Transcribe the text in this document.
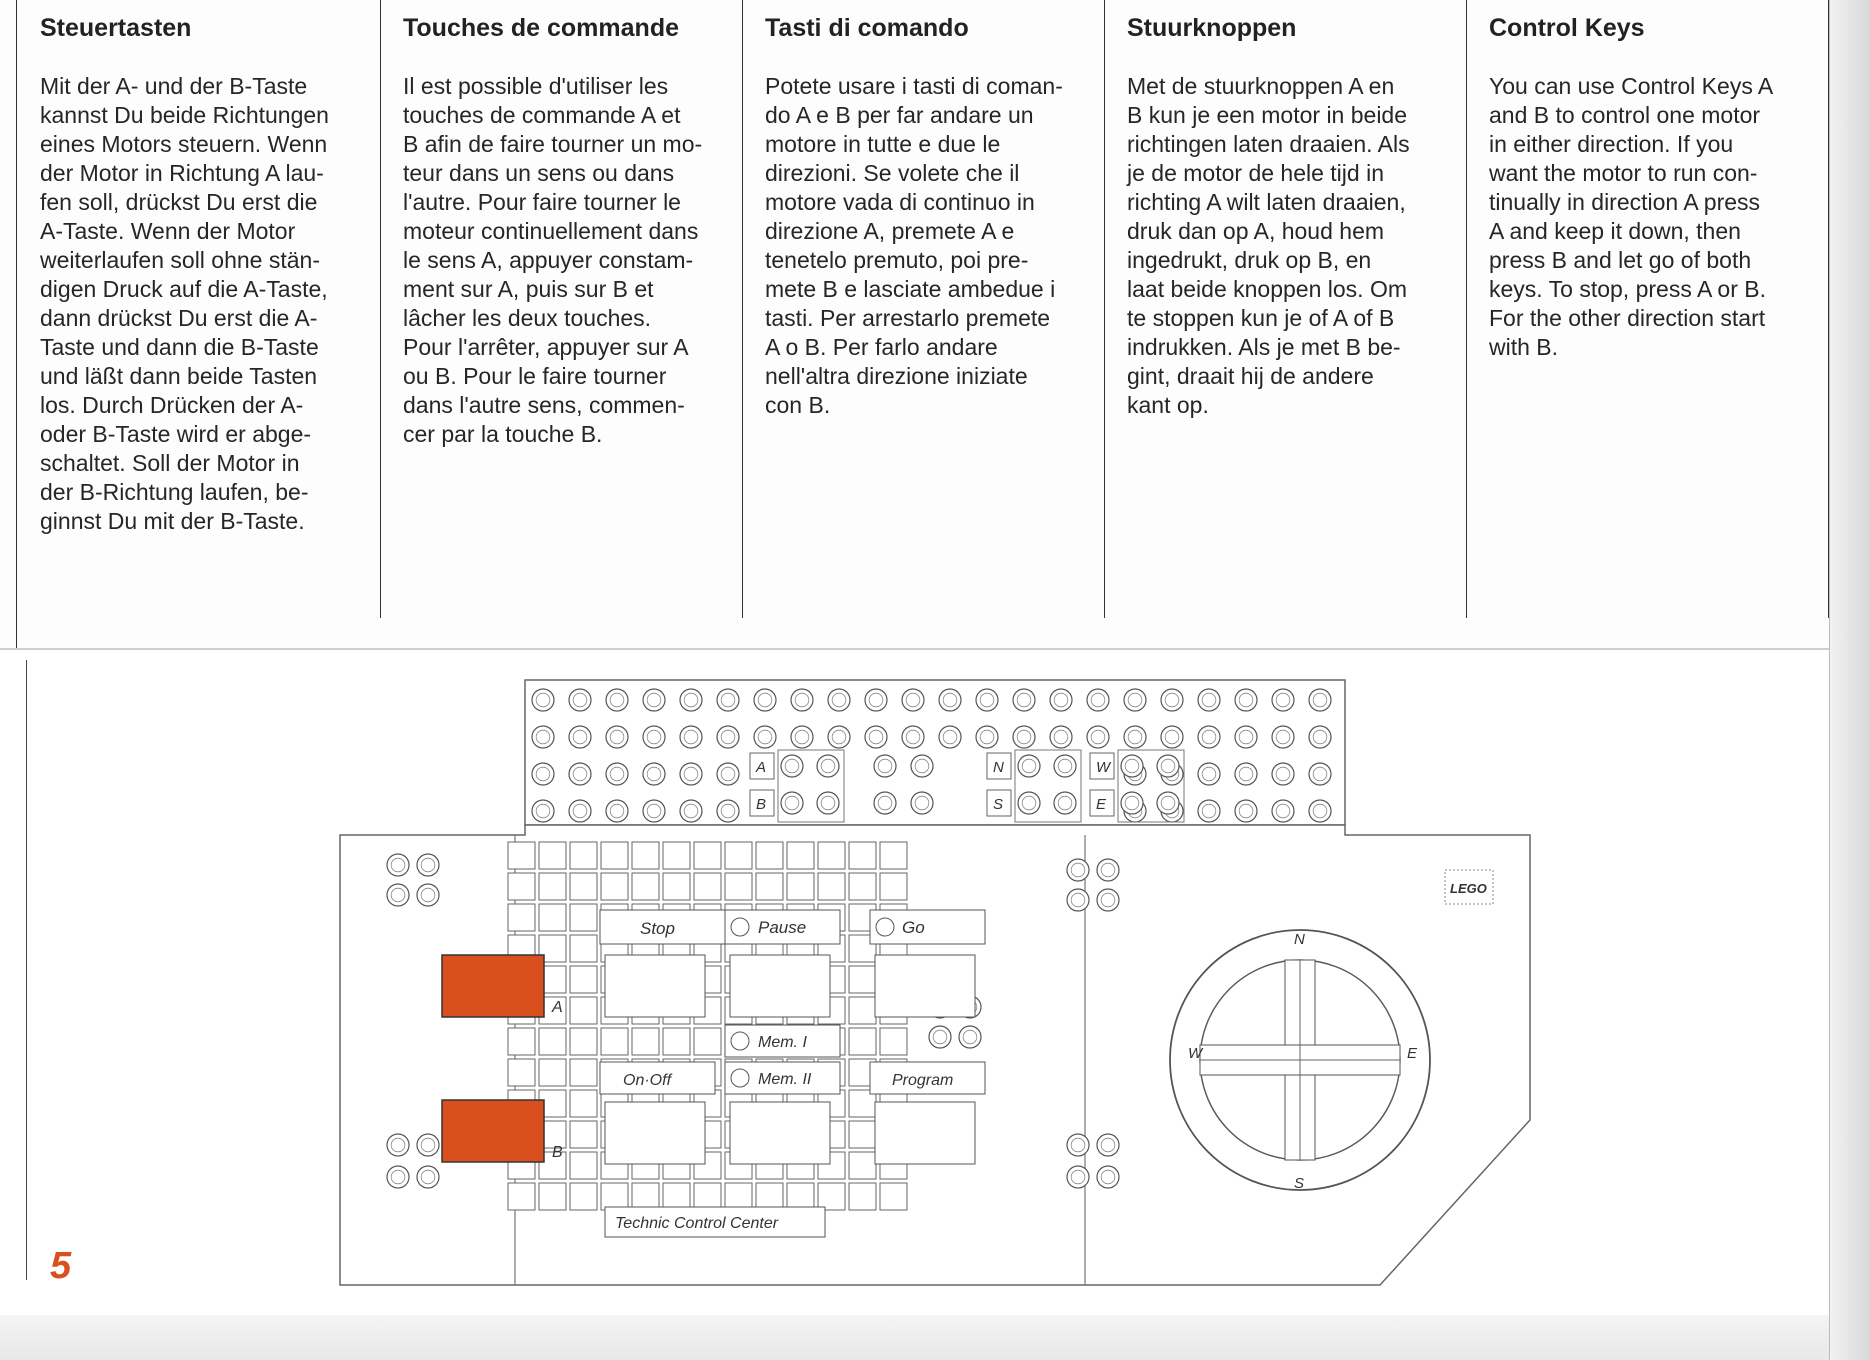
Steuertasten

Mit der A- und der B-Taste
kannst Du beide Richtungen
eines Motors steuern. Wenn
der Motor in Richtung A lau-
fen soll, drückst Du erst die
A-Taste. Wenn der Motor
weiterlaufen soll ohne stän-
digen Druck auf die A-Taste,
dann drückst Du erst die A-
Taste und dann die B-Taste
und läßt dann beide Tasten
los. Durch Drücken der A-
oder B-Taste wird er abge-
schaltet. Soll der Motor in
der B-Richtung laufen, be-
ginnst Du mit der B-Taste.

Touches de commande

Il est possible d'utiliser les
touches de commande A et
B afin de faire tourner un mo-
teur dans un sens ou dans
l'autre. Pour faire tourner le
moteur continuellement dans
le sens A, appuyer constam-
ment sur A, puis sur B et
lâcher les deux touches.
Pour l'arrêter, appuyer sur A
ou B. Pour le faire tourner
dans l'autre sens, commen-
cer par la touche B.

Tasti di comando

Potete usare i tasti di coman-
do A e B per far andare un
motore in tutte e due le
direzioni. Se volete che il
motore vada di continuo in
direzione A, premete A e
tenetelo premuto, poi pre-
mete B e lasciate ambedue i
tasti. Per arrestarlo premete
A o B. Per farlo andare
nell'altra direzione iniziate
con B.

Stuurknoppen

Met de stuurknoppen A en
B kun je een motor in beide
richtingen laten draaien. Als
je de motor de hele tijd in
richting A wilt laten draaien,
druk dan op A, houd hem
ingedrukt, druk op B, en
laat beide knoppen los. Om
te stoppen kun je of A of B
indrukken. Als je met B be-
gint, draait hij de andere
kant op.

Control Keys

You can use Control Keys A
and B to control one motor
in either direction. If you
want the motor to run con-
tinually in direction A press
A and keep it down, then
press B and let go of both
keys. To stop, press A or B.
For the other direction start
with B.

A
B
N
S
W
E
A
B
Stop	Pause	Go
Mem. I
Mem. II
On·Off	Program
Technic Control Center
N
S
W	E
LEGO
5
